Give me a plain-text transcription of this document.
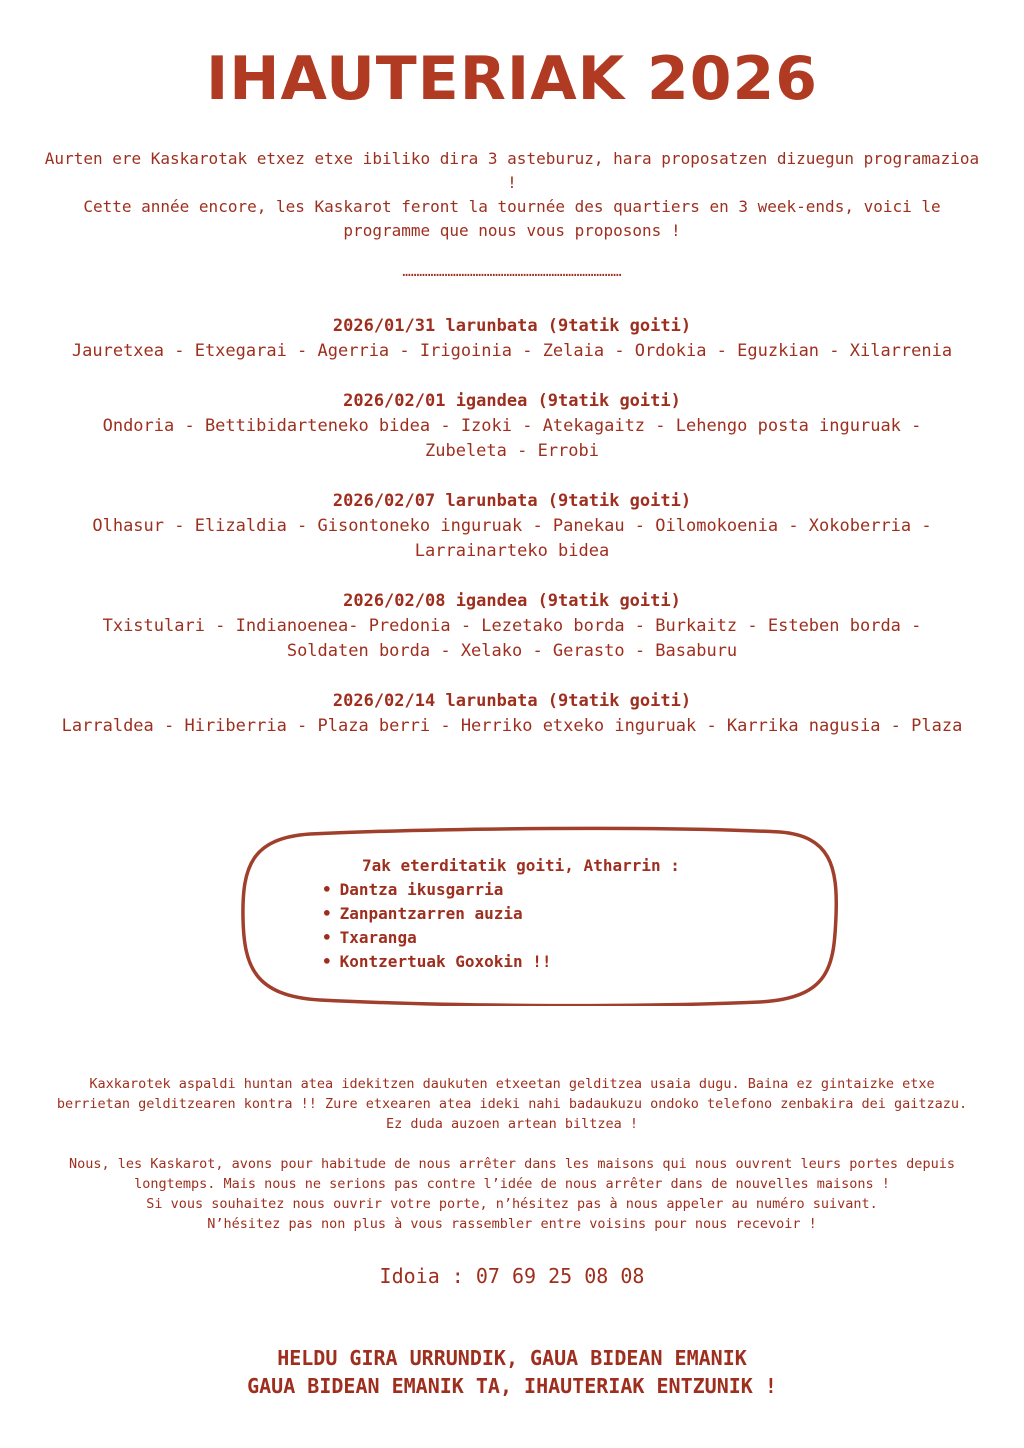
IHAUTERIAK 2026

Aurten ere Kaskarotak etxez etxe ibiliko dira 3 asteburuz, hara proposatzen dizuegun programazioa !

Cette année encore, les Kaskarot feront la tournée des quartiers en 3 week-ends, voici le programme que nous vous proposons !

……………………………………………………………………
2026/01/31 larunbata (9tatik goiti)
Jauretxea - Etxegarai - Agerria - Irigoinia - Zelaia - Ordokia - Eguzkian - Xilarrenia
2026/02/01 igandea (9tatik goiti)
Ondoria - Bettibidarteneko bidea - Izoki - Atekagaitz - Lehengo posta inguruak - Zubeleta - Errobi
2026/02/07 larunbata (9tatik goiti)
Olhasur - Elizaldia - Gisontoneko inguruak - Panekau - Oilomokoenia - Xokoberria - Larrainarteko bidea
2026/02/08 igandea (9tatik goiti)
Txistulari - Indianoenea- Predonia - Lezetako borda - Burkaitz - Esteben borda - Soldaten borda - Xelako - Gerasto - Basaburu
2026/02/14 larunbata (9tatik goiti)
Larraldea - Hiriberria - Plaza berri - Herriko etxeko inguruak - Karrika nagusia - Plaza
7ak eterditatik goiti, Atharrin :
• Dantza ikusgarria
• Zanpantzarren auzia
• Txaranga
• Kontzertuak Goxokin !!

Kaxkarotek aspaldi huntan atea idekitzen daukuten etxeetan gelditzea usaia dugu. Baina ez gintaizke etxe berrietan gelditzearen kontra !! Zure etxearen atea ideki nahi badaukuzu ondoko telefono zenbakira dei gaitzazu. Ez duda auzoen artean biltzea !

Nous, les Kaskarot, avons pour habitude de nous arrêter dans les maisons qui nous ouvrent leurs portes depuis longtemps. Mais nous ne serions pas contre l’idée de nous arrêter dans de nouvelles maisons !
Si vous souhaitez nous ouvrir votre porte, n’hésitez pas à nous appeler au numéro suivant.
N’hésitez pas non plus à vous rassembler entre voisins pour nous recevoir !
Idoia : 07 69 25 08 08

HELDU GIRA URRUNDIK, GAUA BIDEAN EMANIK

GAUA BIDEAN EMANIK TA, IHAUTERIAK ENTZUNIK !
